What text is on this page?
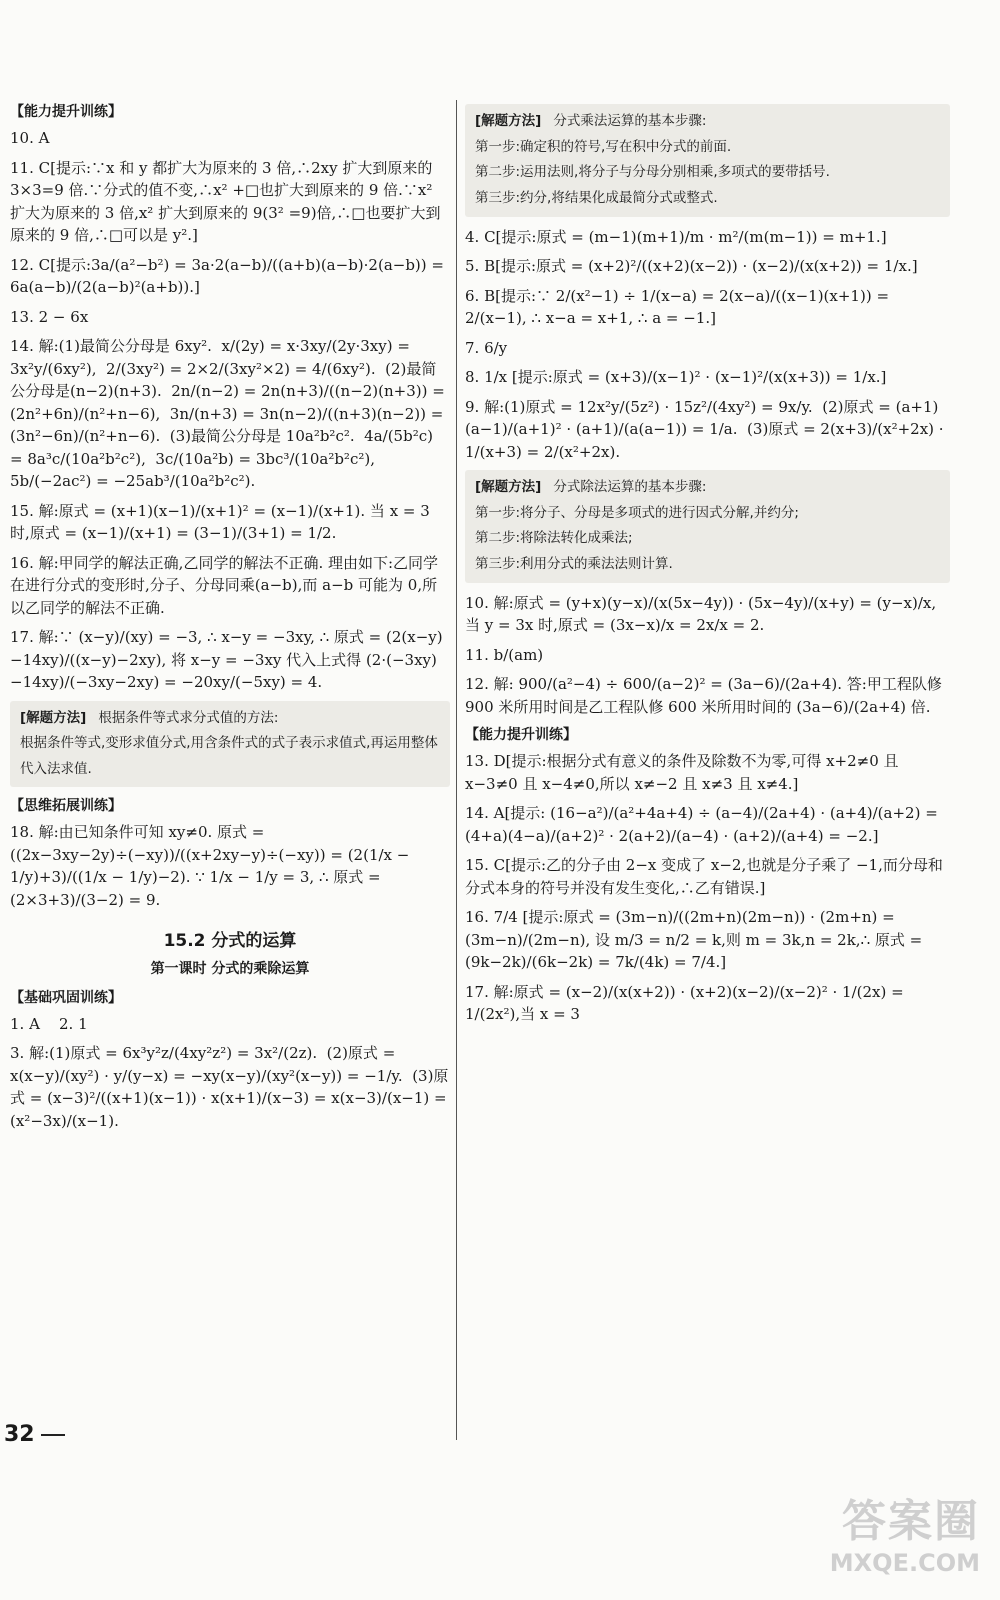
【能力提升训练】
10. A
11. C[提示:∵x 和 y 都扩大为原来的 3 倍,∴2xy 扩大到原来的 3×3=9 倍.∵分式的值不变,∴x² +□也扩大到原来的 9 倍.∵x² 扩大为原来的 3 倍,x² 扩大到原来的 9(3² =9)倍,∴□也要扩大到原来的 9 倍,∴□可以是 y².]
12. C[提示:3a/(a²−b²) = 3a·2(a−b)/((a+b)(a−b)·2(a−b)) = 6a(a−b)/(2(a−b)²(a+b)).]
13. 2 − 6x
14. 解:(1)最简公分母是 6xy².  x/(2y) = x·3xy/(2y·3xy) = 3x²y/(6xy²),  2/(3xy²) = 2×2/(3xy²×2) = 4/(6xy²).  (2)最简公分母是(n−2)(n+3).  2n/(n−2) = 2n(n+3)/((n−2)(n+3)) = (2n²+6n)/(n²+n−6),  3n/(n+3) = 3n(n−2)/((n+3)(n−2)) = (3n²−6n)/(n²+n−6).  (3)最简公分母是 10a²b²c².  4a/(5b²c) = 8a³c/(10a²b²c²),  3c/(10a²b) = 3bc³/(10a²b²c²),  5b/(−2ac²) = −25ab³/(10a²b²c²).
15. 解:原式 = (x+1)(x−1)/(x+1)² = (x−1)/(x+1). 当 x = 3 时,原式 = (x−1)/(x+1) = (3−1)/(3+1) = 1/2.
16. 解:甲同学的解法正确,乙同学的解法不正确. 理由如下:乙同学在进行分式的变形时,分子、分母同乘(a−b),而 a−b 可能为 0,所以乙同学的解法不正确.
17. 解:∵ (x−y)/(xy) = −3, ∴ x−y = −3xy, ∴ 原式 = (2(x−y)−14xy)/((x−y)−2xy), 将 x−y = −3xy 代入上式得 (2·(−3xy)−14xy)/(−3xy−2xy) = −20xy/(−5xy) = 4.
[解题方法] 根据条件等式求分式值的方法:
根据条件等式,变形求值分式,用含条件式的式子表示求值式,再运用整体代入法求值.
【思维拓展训练】
18. 解:由已知条件可知 xy≠0. 原式 = ((2x−3xy−2y)÷(−xy))/((x+2xy−y)÷(−xy)) = (2(1/x − 1/y)+3)/((1/x − 1/y)−2). ∵ 1/x − 1/y = 3, ∴ 原式 = (2×3+3)/(3−2) = 9.
15.2 分式的运算
第一课时 分式的乘除运算
【基础巩固训练】
1. A    2. 1
3. 解:(1)原式 = 6x³y²z/(4xy²z²) = 3x²/(2z).  (2)原式 = x(x−y)/(xy²) · y/(y−x) = −xy(x−y)/(xy²(x−y)) = −1/y.  (3)原式 = (x−3)²/((x+1)(x−1)) · x(x+1)/(x−3) = x(x−3)/(x−1) = (x²−3x)/(x−1).
[解题方法] 分式乘法运算的基本步骤:
第一步:确定积的符号,写在积中分式的前面.
第二步:运用法则,将分子与分母分别相乘,多项式的要带括号.
第三步:约分,将结果化成最简分式或整式.
4. C[提示:原式 = (m−1)(m+1)/m · m²/(m(m−1)) = m+1.]
5. B[提示:原式 = (x+2)²/((x+2)(x−2)) · (x−2)/(x(x+2)) = 1/x.]
6. B[提示:∵ 2/(x²−1) ÷ 1/(x−a) = 2(x−a)/((x−1)(x+1)) = 2/(x−1), ∴ x−a = x+1, ∴ a = −1.]
7. 6/y
8. 1/x [提示:原式 = (x+3)/(x−1)² · (x−1)²/(x(x+3)) = 1/x.]
9. 解:(1)原式 = 12x²y/(5z²) · 15z²/(4xy²) = 9x/y.  (2)原式 = (a+1)(a−1)/(a+1)² · (a+1)/(a(a−1)) = 1/a.  (3)原式 = 2(x+3)/(x²+2x) · 1/(x+3) = 2/(x²+2x).
[解题方法] 分式除法运算的基本步骤:
第一步:将分子、分母是多项式的进行因式分解,并约分;
第二步:将除法转化成乘法;
第三步:利用分式的乘法法则计算.
10. 解:原式 = (y+x)(y−x)/(x(5x−4y)) · (5x−4y)/(x+y) = (y−x)/x, 当 y = 3x 时,原式 = (3x−x)/x = 2x/x = 2.
11. b/(am)
12. 解: 900/(a²−4) ÷ 600/(a−2)² = (3a−6)/(2a+4). 答:甲工程队修 900 米所用时间是乙工程队修 600 米所用时间的 (3a−6)/(2a+4) 倍.
【能力提升训练】
13. D[提示:根据分式有意义的条件及除数不为零,可得 x+2≠0 且 x−3≠0 且 x−4≠0,所以 x≠−2 且 x≠3 且 x≠4.]
14. A[提示: (16−a²)/(a²+4a+4) ÷ (a−4)/(2a+4) · (a+4)/(a+2) = (4+a)(4−a)/(a+2)² · 2(a+2)/(a−4) · (a+2)/(a+4) = −2.]
15. C[提示:乙的分子由 2−x 变成了 x−2,也就是分子乘了 −1,而分母和分式本身的符号并没有发生变化,∴乙有错误.]
16. 7/4 [提示:原式 = (3m−n)/((2m+n)(2m−n)) · (2m+n) = (3m−n)/(2m−n), 设 m/3 = n/2 = k,则 m = 3k,n = 2k,∴ 原式 = (9k−2k)/(6k−2k) = 7k/(4k) = 7/4.]
17. 解:原式 = (x−2)/(x(x+2)) · (x+2)(x−2)/(x−2)² · 1/(2x) = 1/(2x²),当 x = 3
32
答案圈
MXQE.COM
